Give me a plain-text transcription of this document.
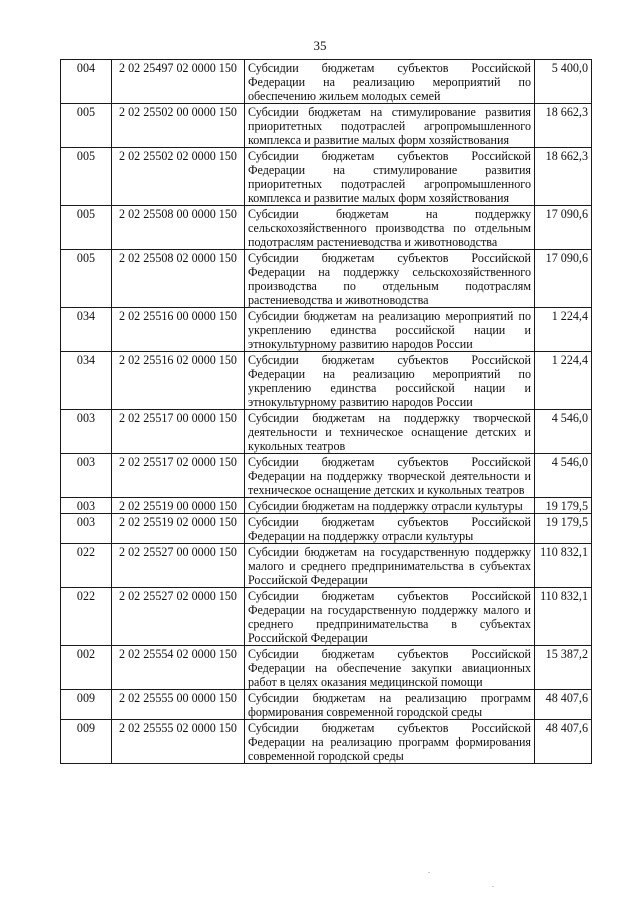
35
004	2 02 25497 02 0000 150	Субсидии бюджетам субъектов Российской Федерации на реализацию мероприятий по обеспечению жильем молодых семей	5 400,0
005	2 02 25502 00 0000 150	Субсидии бюджетам на стимулирование развития приоритетных подотраслей агропромышленного комплекса и развитие малых форм хозяйствования	18 662,3
005	2 02 25502 02 0000 150	Субсидии бюджетам субъектов Российской Федерации на стимулирование развития приоритетных подотраслей агропромышленного комплекса и развитие малых форм хозяйствования	18 662,3
005	2 02 25508 00 0000 150	Субсидии бюджетам на поддержку сельскохозяйственного производства по отдельным подотраслям растениеводства и животноводства	17 090,6
005	2 02 25508 02 0000 150	Субсидии бюджетам субъектов Российской Федерации на поддержку сельскохозяйственного производства по отдельным подотраслям растениеводства и животноводства	17 090,6
034	2 02 25516 00 0000 150	Субсидии бюджетам на реализацию мероприятий по укреплению единства российской нации и этнокультурному развитию народов России	1 224,4
034	2 02 25516 02 0000 150	Субсидии бюджетам субъектов Российской Федерации на реализацию мероприятий по укреплению единства российской нации и этнокультурному развитию народов России	1 224,4
003	2 02 25517 00 0000 150	Субсидии бюджетам на поддержку творческой деятельности и техническое оснащение детских и кукольных театров	4 546,0
003	2 02 25517 02 0000 150	Субсидии бюджетам субъектов Российской Федерации на поддержку творческой деятельности и техническое оснащение детских и кукольных театров	4 546,0
003	2 02 25519 00 0000 150	Субсидии бюджетам на поддержку отрасли культуры	19 179,5
003	2 02 25519 02 0000 150	Субсидии бюджетам субъектов Российской Федерации на поддержку отрасли культуры	19 179,5
022	2 02 25527 00 0000 150	Субсидии бюджетам на государственную поддержку малого и среднего предпринимательства в субъектах Российской Федерации	110 832,1
022	2 02 25527 02 0000 150	Субсидии бюджетам субъектов Российской Федерации на государственную поддержку малого и среднего предпринимательства в субъектах Российской Федерации	110 832,1
002	2 02 25554 02 0000 150	Субсидии бюджетам субъектов Российской Федерации на обеспечение закупки авиационных работ в целях оказания медицинской помощи	15 387,2
009	2 02 25555 00 0000 150	Субсидии бюджетам на реализацию программ формирования современной городской среды	48 407,6
009	2 02 25555 02 0000 150	Субсидии бюджетам субъектов Российской Федерации на реализацию программ формирования современной городской среды	48 407,6
.
.
